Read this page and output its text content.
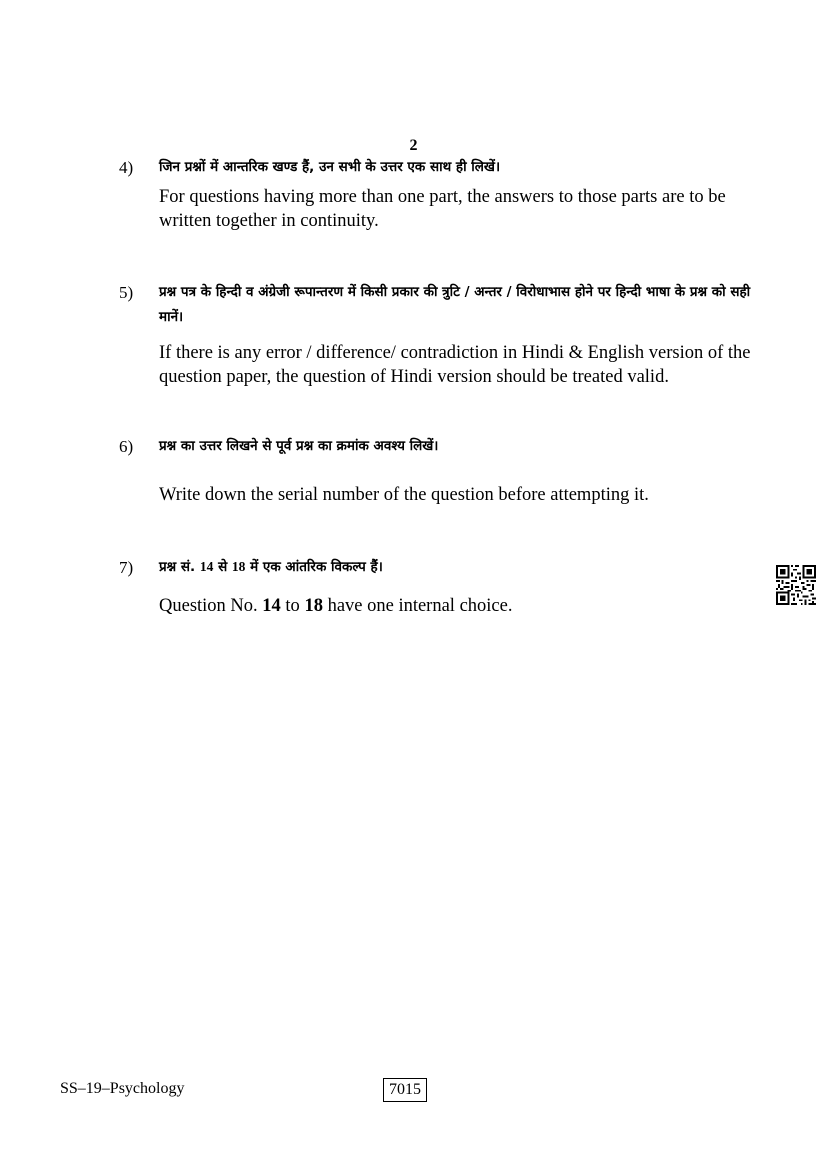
2
4) जिन प्रश्नों में आन्तरिक खण्ड हैं, उन सभी के उत्तर एक साथ ही लिखें।
For questions having more than one part, the answers to those parts are to be written together in continuity.
5) प्रश्न पत्र के हिन्दी व अंग्रेजी रूपान्तरण में किसी प्रकार की त्रुटि / अन्तर / विरोधाभास होने पर हिन्दी भाषा के प्रश्न को सही मानें।
If there is any error / difference/ contradiction in Hindi & English version of the question paper, the question of Hindi version should be treated valid.
6) प्रश्न का उत्तर लिखने से पूर्व प्रश्न का क्रमांक अवश्य लिखें।
Write down the serial number of the question before attempting it.
7) प्रश्न सं. 14 से 18 में एक आंतरिक विकल्प हैं।
Question No. 14 to 18 have one internal choice.
SS–19–Psychology	7015
